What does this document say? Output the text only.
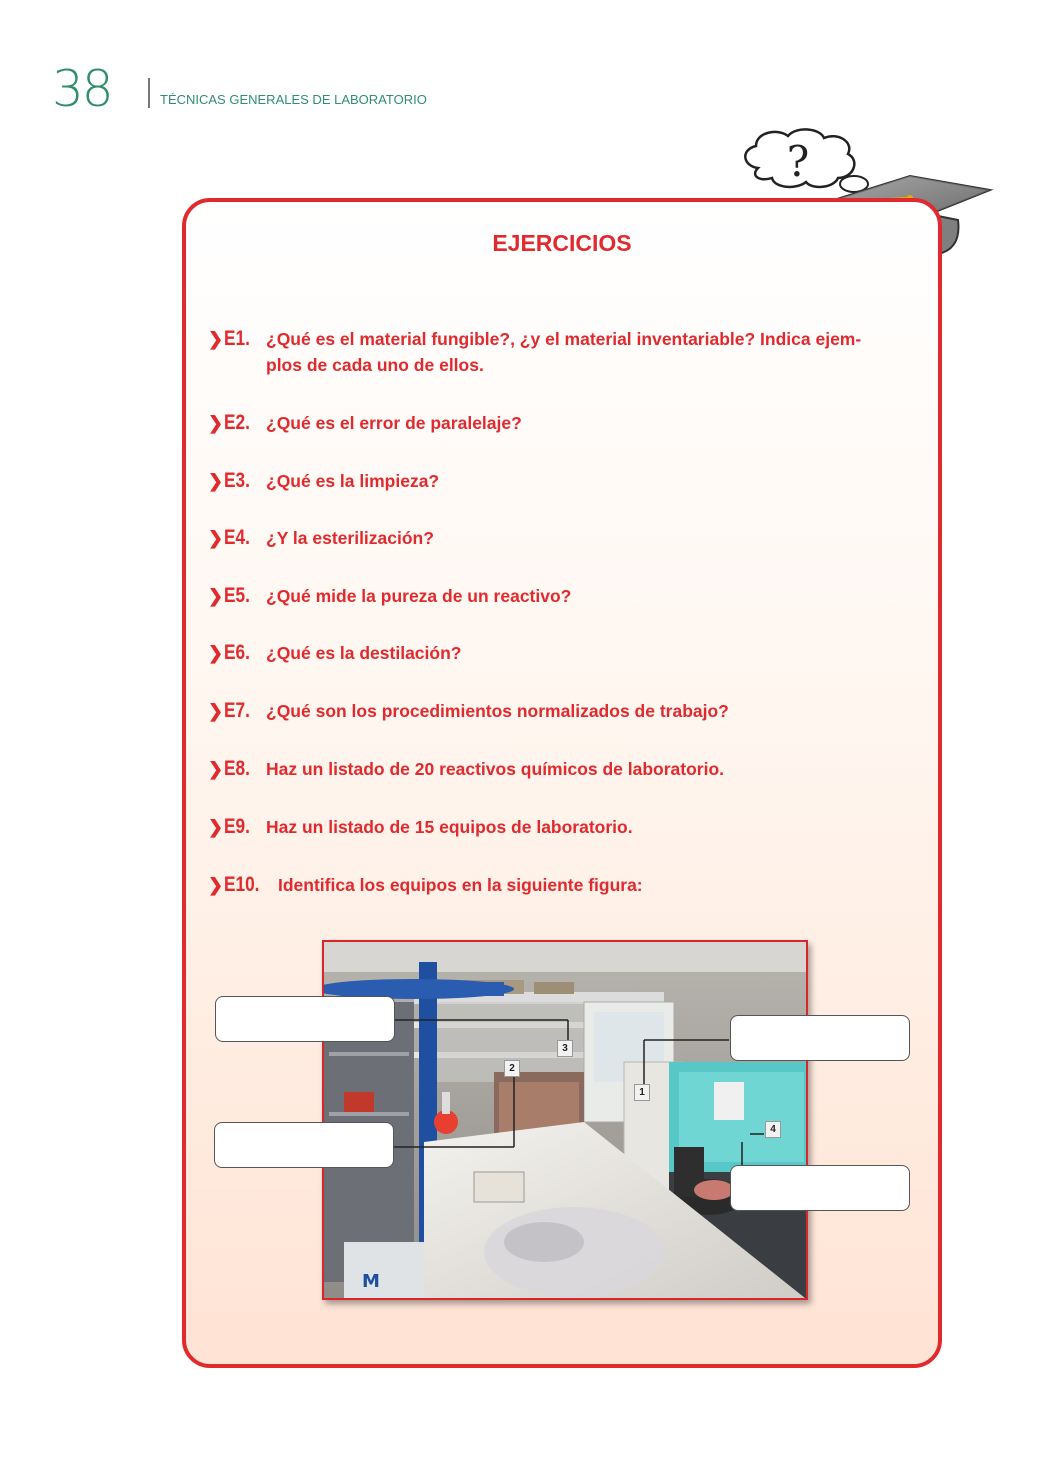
38	TÉCNICAS GENERALES DE LABORATORIO
?
EJERCICIOS
❯ E1. ¿Qué es el material fungible?, ¿y el material inventariable? Indica ejem-
plos de cada uno de ellos.
❯ E2. ¿Qué es el error de paralelaje?
❯ E3. ¿Qué es la limpieza?
❯ E4. ¿Y la esterilización?
❯ E5. ¿Qué mide la pureza de un reactivo?
❯ E6. ¿Qué es la destilación?
❯ E7. ¿Qué son los procedimientos normalizados de trabajo?
❯ E8. Haz un listado de 20 reactivos químicos de laboratorio.
❯ E9. Haz un listado de 15 equipos de laboratorio.
❯ E10.	Identifica los equipos en la siguiente figura:
M
1
2
3
4
